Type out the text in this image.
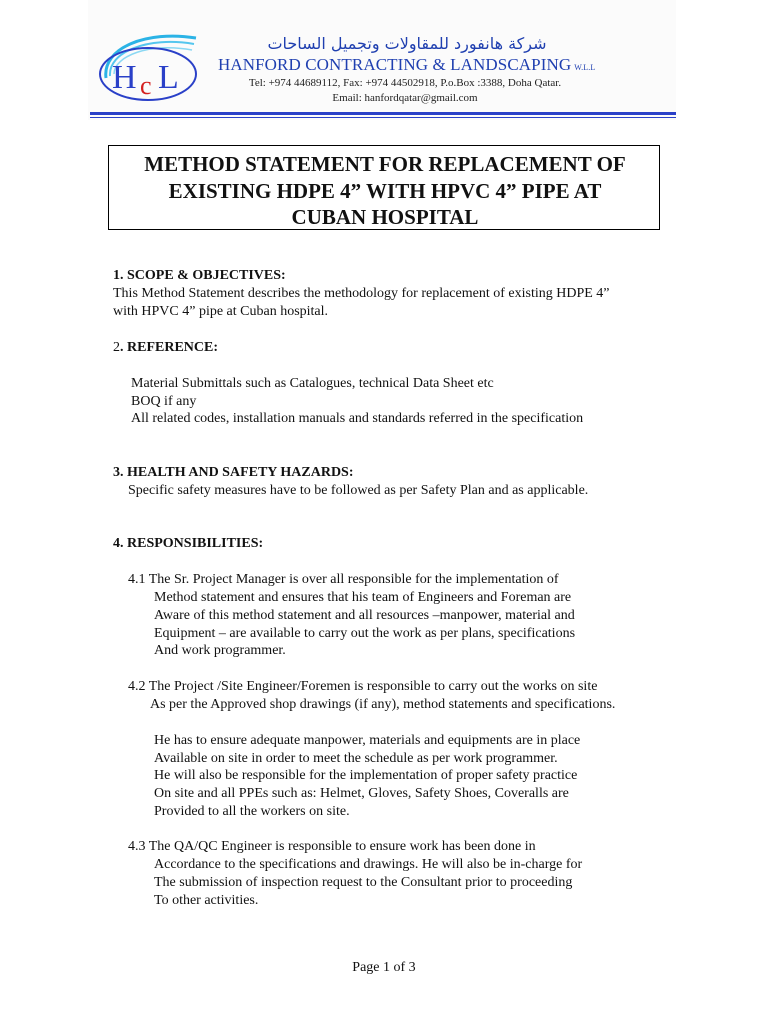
H c L
شركة هانفورد للمقاولات وتجميل الساحات
HANFORD CONTRACTING & LANDSCAPING W.L.L
Tel: +974 44689112, Fax: +974 44502918, P.o.Box :3388, Doha Qatar.
Email: hanfordqatar@gmail.com
METHOD STATEMENT FOR REPLACEMENT OF
EXISTING HDPE 4” WITH HPVC 4” PIPE AT
CUBAN HOSPITAL
1. SCOPE & OBJECTIVES:
This Method Statement describes the methodology for replacement of existing HDPE 4”
with HPVC 4” pipe at Cuban hospital.
2. REFERENCE:
Material Submittals such as Catalogues, technical Data Sheet etc
BOQ if any
All related codes, installation manuals and standards referred in the specification
3. HEALTH AND SAFETY HAZARDS:
Specific safety measures have to be followed as per Safety Plan and as applicable.
4. RESPONSIBILITIES:
4.1 The Sr. Project Manager is over all responsible for the implementation of
Method statement and ensures that his team of Engineers and Foreman are
Aware of this method statement and all resources –manpower, material and
Equipment – are available to carry out the work as per plans, specifications
And work programmer.
4.2 The Project /Site Engineer/Foremen is responsible to carry out the works on site
As per the Approved shop drawings (if any), method statements and specifications.
He has to ensure adequate manpower, materials and equipments are in place
Available on site in order to meet the schedule as per work programmer.
He will also be responsible for the implementation of proper safety practice
On site and all PPEs such as: Helmet, Gloves, Safety Shoes, Coveralls are
Provided to all the workers on site.
4.3 The QA/QC Engineer is responsible to ensure work has been done in
Accordance to the specifications and drawings. He will also be in-charge for
The submission of inspection request to the Consultant prior to proceeding
To other activities.
Page 1 of 3
